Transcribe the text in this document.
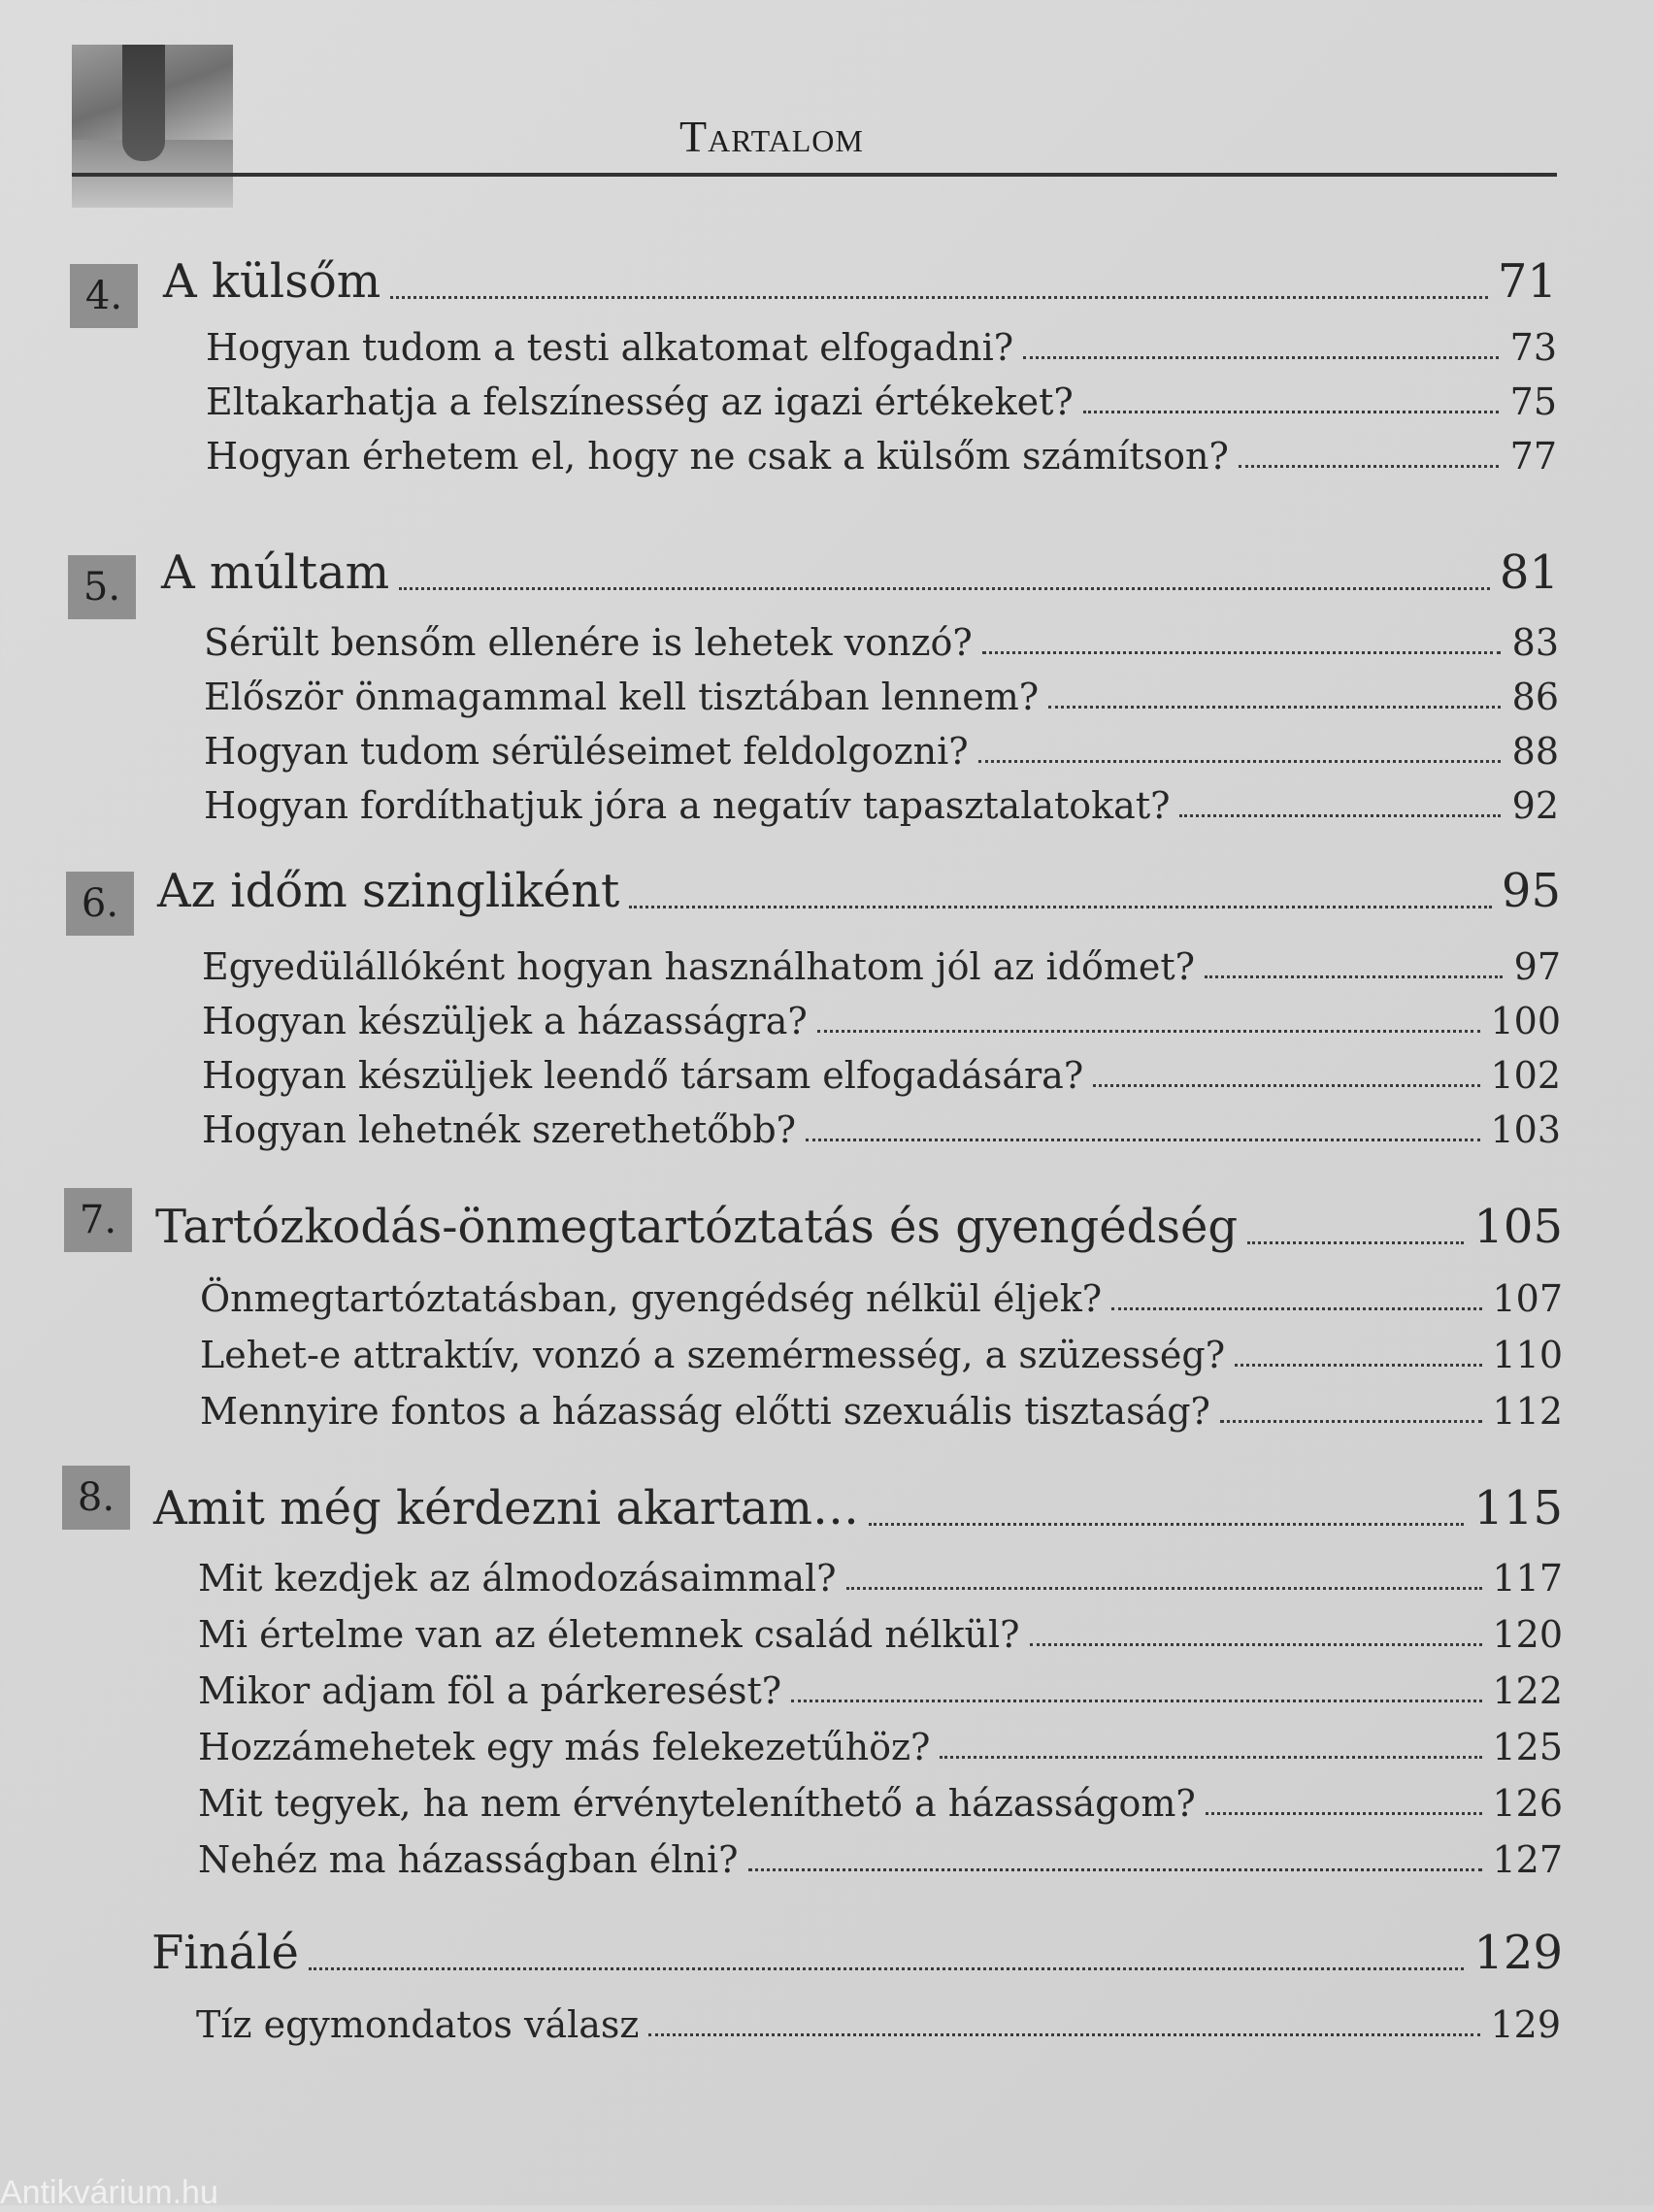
Tartalom
4. A külsőm	71
Hogyan tudom a testi alkatomat elfogadni?	73
Eltakarhatja a felszínesség az igazi értékeket?	75
Hogyan érhetem el, hogy ne csak a külsőm számítson?	77
5. A múltam	81
Sérült bensőm ellenére is lehetek vonzó?	83
Először önmagammal kell tisztában lennem?	86
Hogyan tudom sérüléseimet feldolgozni?	88
Hogyan fordíthatjuk jóra a negatív tapasztalatokat?	92
6. Az időm szingliként	95
Egyedülállóként hogyan használhatom jól az időmet?	97
Hogyan készüljek a házasságra?	100
Hogyan készüljek leendő társam elfogadására?	102
Hogyan lehetnék szerethetőbb?	103
7. Tartózkodás-önmegtartóztatás és gyengédség	105
Önmegtartóztatásban, gyengédség nélkül éljek?	107
Lehet-e attraktív, vonzó a szemérmesség, a szüzesség?	110
Mennyire fontos a házasság előtti szexuális tisztaság?	112
8. Amit még kérdezni akartam…	115
Mit kezdjek az álmodozásaimmal?	117
Mi értelme van az életemnek család nélkül?	120
Mikor adjam föl a párkeresést?	122
Hozzámehetek egy más felekezetűhöz?	125
Mit tegyek, ha nem érvényteleníthető a házasságom?	126
Nehéz ma házasságban élni?	127
Finálé	129
Tíz egymondatos válasz	129
Antikvárium.hu
